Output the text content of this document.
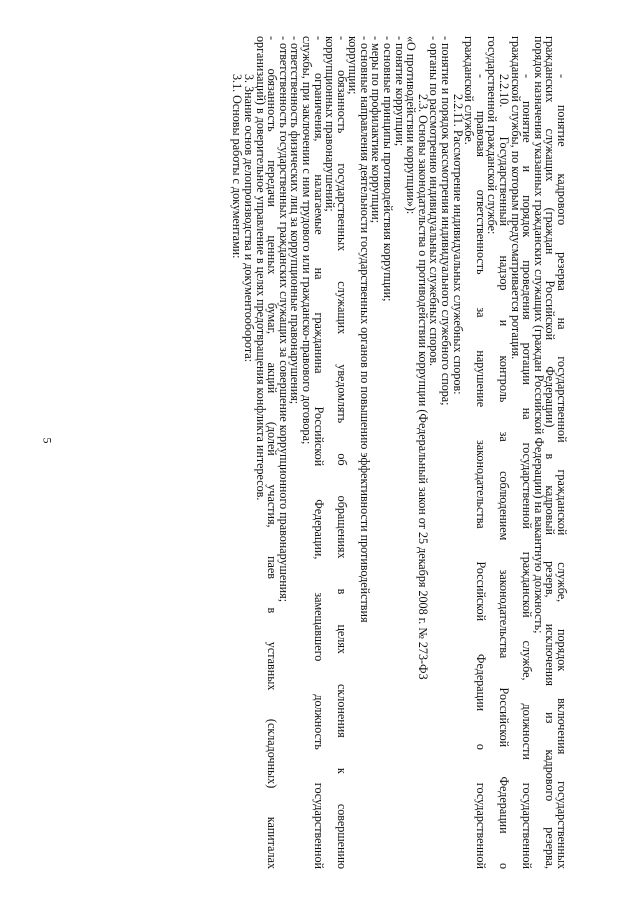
5	- понятие кадрового резерва на государственной гражданской службе, порядок включения государственных
гражданских служащих (граждан Российской Федерации) в кадровый резерв, исключения из кадрового резерва,
порядок назначения указанных гражданских служащих (граждан Российской Федерации) на вакантную должность;
- понятие и порядок проведения ротации на государственной гражданской службе, должности государственной
гражданской службы, по которым предусматривается ротация.
2.2.10. Государственный надзор и контроль за соблюдением законодательства Российской Федерации о
государственной гражданской службе:
- правовая ответственность за нарушение законодательства Российской Федерации о государственной
гражданской службе.
2.2.11. Рассмотрение индивидуальных служебных споров:
- понятие и порядок рассмотрения индивидуального служебного спора;
- органы по рассмотрению индивидуальных служебных споров.
2.3. Основы законодательства о противодействии коррупции (Федеральный закон от 25 декабря 2008 г. № 273-ФЗ
«О противодействии коррупции»):
- понятие коррупции;
- основные принципы противодействия коррупции;
- меры по профилактике коррупции;
- основные направления деятельности государственных органов по повышению эффективности противодействия
коррупции;
- обязанность государственных служащих уведомлять об обращениях в целях склонения к совершению
коррупционных правонарушений;
- ограничения, налагаемые на гражданина Российской Федерации, замещавшего должность государственной
службы, при заключении с ним трудового или гражданско-правового договора;
- ответственность физических лиц за коррупционные правонарушения;
- ответственность государственных гражданских служащих за совершение коррупционного правонарушения;
- обязанность передачи ценных бумаг, акций (долей участия, паев в уставных (складочных) капиталах
организаций) в доверительное управление в целях предотвращения конфликта интересов.
3. Знание основ делопроизводства и документооборота:
3.1. Основы работы с документами:
